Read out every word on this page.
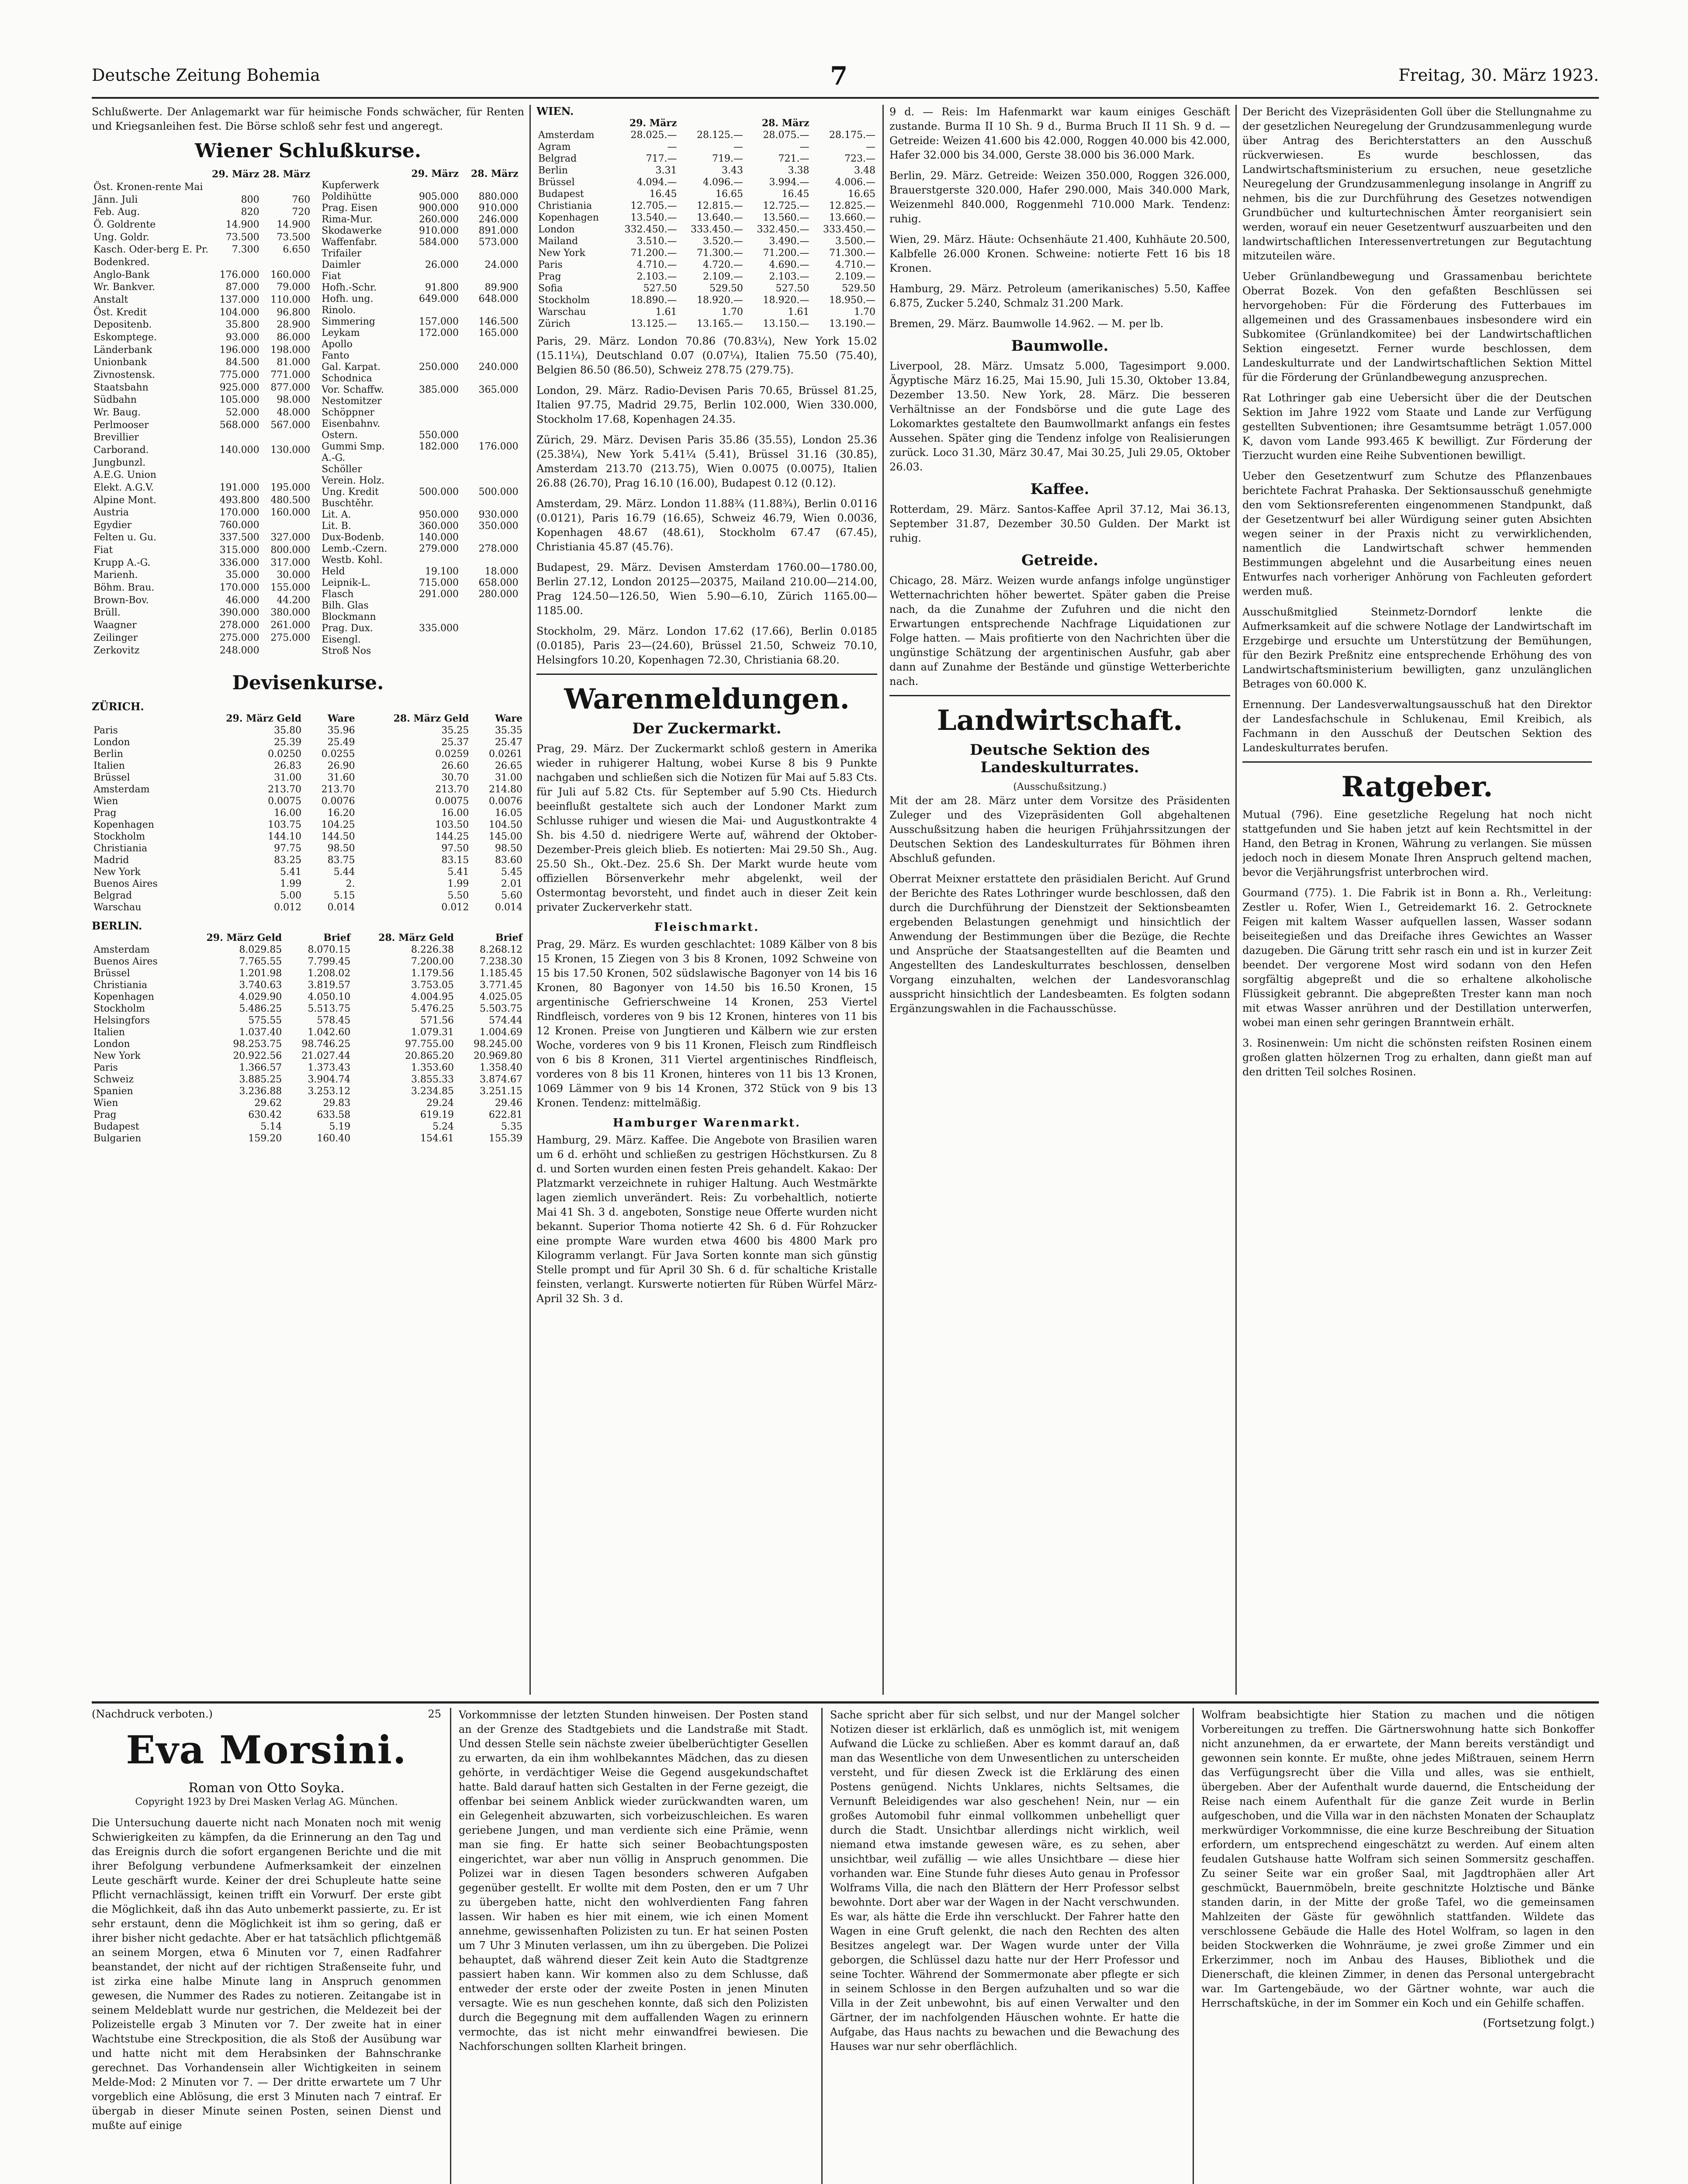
Deutsche Zeitung Bohemia	7	Freitag, 30. März 1923.

Schlußwerte. Der Anlagemarkt war für heimische Fonds schwächer, für Renten und Kriegsanleihen fest. Die Börse schloß sehr fest und angeregt.

Wiener Schlußkurse.
	29. März	28. März	
Öst. Kronen-rente Mai			
Jänn. Juli	800	760	
Feb. Aug.	820	720	
Ö. Goldrente	14.900	14.900	
Ung. Goldr.	73.500	73.500	
Kasch. Oder-berg E. Pr.	7.300	6.650	
Bodenkred.			
Anglo-Bank	176.000	160.000	
Wr. Bankver.	87.000	79.000	
Anstalt	137.000	110.000	
Öst. Kredit	104.000	96.800	
Depositenb.	35.800	28.900	
Eskomptege.	93.000	86.000	
Länderbank	196.000	198.000	
Unionbank	84.500	81.000	
Zivnostensk.	775.000	771.000	
Staatsbahn	925.000	877.000	
Südbahn	105.000	98.000	
Wr. Baug.	52.000	48.000	
Perlmooser	568.000	567.000	
Brevillier			
Carborand.	140.000	130.000	
Jungbunzl.			
A.E.G. Union			
Elekt. A.G.V.	191.000	195.000	
Alpine Mont.	493.800	480.500	
Austria	170.000	160.000	
Egydier	760.000		
Felten u. Gu.	337.500	327.000	
Fiat	315.000	800.000	
Krupp A.-G.	336.000	317.000	
Marienh.	35.000	30.000	
Böhm. Brau.	170.000	155.000	
Brown-Bov.	46.000	44.200	
Brüll.	390.000	380.000	
Waagner	278.000	261.000	
Zeilinger	275.000	275.000	
Zerkovitz	248.000		
	29. März	28. März	
Kupferwerk			
Poldihütte	905.000	880.000	
Prag. Eisen	900.000	910.000	
Rima-Mur.	260.000	246.000	
Skodawerke	910.000	891.000	
Waffenfabr.	584.000	573.000	
Trifailer			
Daimler	26.000	24.000	
Fiat			
Hofh.-Schr.	91.800	89.900	
Hofh. ung.	649.000	648.000	
Rinolo.			
Simmering	157.000	146.500	
Leykam	172.000	165.000	
Apollo			
Fanto			
Gal. Karpat.	250.000	240.000	
Schodnica			
Vor. Schaffw.	385.000	365.000	
Nestomitzer			
Schöppner			
Eisenbahnv.			
Ostern.	550.000		
Gummi Smp.	182.000	176.000	
A.-G.			
Schöller			
Verein. Holz.			
Ung. Kredit	500.000	500.000	
Buschtěhr.			
Lit. A.	950.000	930.000	
Lit. B.	360.000	350.000	
Dux-Bodenb.	140.000		
Lemb.-Czern.	279.000	278.000	
Westb. Kohl.			
Held	19.100	18.000	
Leipnik-L.	715.000	658.000	
Flasch	291.000	280.000	
Bilh. Glas			
Blockmann			
Prag. Dux.	335.000		
Eisengl.			
Stroß Nos			
Devisenkurse.
ZÜRICH.
	29. März Geld	Ware	28. März Geld	Ware
Paris	35.80	35.96	35.25	35.35
London	25.39	25.49	25.37	25.47
Berlin	0.0250	0.0255	0.0259	0.0261
Italien	26.83	26.90	26.60	26.65
Brüssel	31.00	31.60	30.70	31.00
Amsterdam	213.70	213.70	213.70	214.80
Wien	0.0075	0.0076	0.0075	0.0076
Prag	16.00	16.20	16.00	16.05
Kopenhagen	103.75	104.25	103.50	104.50
Stockholm	144.10	144.50	144.25	145.00
Christiania	97.75	98.50	97.50	98.50
Madrid	83.25	83.75	83.15	83.60
New York	5.41	5.44	5.41	5.45
Buenos Aires	1.99	2.	1.99	2.01
Belgrad	5.00	5.15	5.50	5.60
Warschau	0.012	0.014	0.012	0.014
BERLIN.
	29. März Geld	Brief	28. März Geld	Brief
Amsterdam	8.029.85	8.070.15	8.226.38	8.268.12
Buenos Aires	7.765.55	7.799.45	7.200.00	7.238.30
Brüssel	1.201.98	1.208.02	1.179.56	1.185.45
Christiania	3.740.63	3.819.57	3.753.05	3.771.45
Kopenhagen	4.029.90	4.050.10	4.004.95	4.025.05
Stockholm	5.486.25	5.513.75	5.476.25	5.503.75
Helsingfors	575.55	578.45	571.56	574.44
Italien	1.037.40	1.042.60	1.079.31	1.004.69
London	98.253.75	98.746.25	97.755.00	98.245.00
New York	20.922.56	21.027.44	20.865.20	20.969.80
Paris	1.366.57	1.373.43	1.353.60	1.358.40
Schweiz	3.885.25	3.904.74	3.855.33	3.874.67
Spanien	3.236.88	3.253.12	3.234.85	3.251.15
Wien	29.62	29.83	29.24	29.46
Prag	630.42	633.58	619.19	622.81
Budapest	5.14	5.19	5.24	5.35
Bulgarien	159.20	160.40	154.61	155.39
WIEN.
	29. März		28. März	
Amsterdam	28.025.—	28.125.—	28.075.—	28.175.—
Agram	—	—	—	—
Belgrad	717.—	719.—	721.—	723.—
Berlin	3.31	3.43	3.38	3.48
Brüssel	4.094.—	4.096.—	3.994.—	4.006.—
Budapest	16.45	16.65	16.45	16.65
Christiania	12.705.—	12.815.—	12.725.—	12.825.—
Kopenhagen	13.540.—	13.640.—	13.560.—	13.660.—
London	332.450.—	333.450.—	332.450.—	333.450.—
Mailand	3.510.—	3.520.—	3.490.—	3.500.—
New York	71.200.—	71.300.—	71.200.—	71.300.—
Paris	4.710.—	4.720.—	4.690.—	4.710.—
Prag	2.103.—	2.109.—	2.103.—	2.109.—
Sofia	527.50	529.50	527.50	529.50
Stockholm	18.890.—	18.920.—	18.920.—	18.950.—
Warschau	1.61	1.70	1.61	1.70
Zürich	13.125.—	13.165.—	13.150.—	13.190.—

Paris, 29. März. London 70.86 (70.83¼), New York 15.02 (15.11¼), Deutschland 0.07 (0.07¼), Italien 75.50 (75.40), Belgien 86.50 (86.50), Schweiz 278.75 (279.75).

London, 29. März. Radio-Devisen Paris 70.65, Brüssel 81.25, Italien 97.75, Madrid 29.75, Berlin 102.000, Wien 330.000, Stockholm 17.68, Kopenhagen 24.35.

Zürich, 29. März. Devisen Paris 35.86 (35.55), London 25.36 (25.38¼), New York 5.41¼ (5.41), Brüssel 31.16 (30.85), Amsterdam 213.70 (213.75), Wien 0.0075 (0.0075), Italien 26.88 (26.70), Prag 16.10 (16.00), Budapest 0.12 (0.12).

Amsterdam, 29. März. London 11.88¾ (11.88¾), Berlin 0.0116 (0.0121), Paris 16.79 (16.65), Schweiz 46.79, Wien 0.0036, Kopenhagen 48.67 (48.61), Stockholm 67.47 (67.45), Christiania 45.87 (45.76).

Budapest, 29. März. Devisen Amsterdam 1760.00—1780.00, Berlin 27.12, London 20125—20375, Mailand 210.00—214.00, Prag 124.50—126.50, Wien 5.90—6.10, Zürich 1165.00—1185.00.

Stockholm, 29. März. London 17.62 (17.66), Berlin 0.0185 (0.0185), Paris 23—(24.60), Brüssel 21.50, Schweiz 70.10, Helsingfors 10.20, Kopenhagen 72.30, Christiania 68.20.

Warenmeldungen.
Der Zuckermarkt.

Prag, 29. März. Der Zuckermarkt schloß gestern in Amerika wieder in ruhigerer Haltung, wobei Kurse 8 bis 9 Punkte nachgaben und schließen sich die Notizen für Mai auf 5.83 Cts. für Juli auf 5.82 Cts. für September auf 5.90 Cts. Hiedurch beeinflußt gestaltete sich auch der Londoner Markt zum Schlusse ruhiger und wiesen die Mai- und Augustkontrakte 4 Sh. bis 4.50 d. niedrigere Werte auf, während der Oktober-Dezember-Preis gleich blieb. Es notierten: Mai 29.50 Sh., Aug. 25.50 Sh., Okt.-Dez. 25.6 Sh. Der Markt wurde heute vom offiziellen Börsenverkehr mehr abgelenkt, weil der Ostermontag bevorsteht, und findet auch in dieser Zeit kein privater Zuckerverkehr statt.

Fleischmarkt.

Prag, 29. März. Es wurden geschlachtet: 1089 Kälber von 8 bis 15 Kronen, 15 Ziegen von 3 bis 8 Kronen, 1092 Schweine von 15 bis 17.50 Kronen, 502 südslawische Bagonyer von 14 bis 16 Kronen, 80 Bagonyer von 14.50 bis 16.50 Kronen, 15 argentinische Gefrierschweine 14 Kronen, 253 Viertel Rindfleisch, vorderes von 9 bis 12 Kronen, hinteres von 11 bis 12 Kronen. Preise von Jungtieren und Kälbern wie zur ersten Woche, vorderes von 9 bis 11 Kronen, Fleisch zum Rindfleisch von 6 bis 8 Kronen, 311 Viertel argentinisches Rindfleisch, vorderes von 8 bis 11 Kronen, hinteres von 11 bis 13 Kronen, 1069 Lämmer von 9 bis 14 Kronen, 372 Stück von 9 bis 13 Kronen. Tendenz: mittelmäßig.

Hamburger Warenmarkt.

Hamburg, 29. März. Kaffee. Die Angebote von Brasilien waren um 6 d. erhöht und schließen zu gestrigen Höchstkursen. Zu 8 d. und Sorten wurden einen festen Preis gehandelt. Kakao: Der Platzmarkt verzeichnete in ruhiger Haltung. Auch Westmärkte lagen ziemlich unverändert. Reis: Zu vorbehaltlich, notierte Mai 41 Sh. 3 d. angeboten, Sonstige neue Offerte wurden nicht bekannt. Superior Thoma notierte 42 Sh. 6 d. Für Rohzucker eine prompte Ware wurden etwa 4600 bis 4800 Mark pro Kilogramm verlangt. Für Java Sorten konnte man sich günstig Stelle prompt und für April 30 Sh. 6 d. für schaltiche Kristalle feinsten, verlangt. Kurswerte notierten für Rüben Würfel März-April 32 Sh. 3 d.

9 d. — Reis: Im Hafenmarkt war kaum einiges Geschäft zustande. Burma II 10 Sh. 9 d., Burma Bruch II 11 Sh. 9 d. — Getreide: Weizen 41.600 bis 42.000, Roggen 40.000 bis 42.000, Hafer 32.000 bis 34.000, Gerste 38.000 bis 36.000 Mark.

Berlin, 29. März. Getreide: Weizen 350.000, Roggen 326.000, Brauerstgerste 320.000, Hafer 290.000, Mais 340.000 Mark, Weizenmehl 840.000, Roggenmehl 710.000 Mark. Tendenz: ruhig.

Wien, 29. März. Häute: Ochsenhäute 21.400, Kuhhäute 20.500, Kalbfelle 26.000 Kronen. Schweine: notierte Fett 16 bis 18 Kronen.

Hamburg, 29. März. Petroleum (amerikanisches) 5.50, Kaffee 6.875, Zucker 5.240, Schmalz 31.200 Mark.

Bremen, 29. März. Baumwolle 14.962. — M. per lb.

Baumwolle.

Liverpool, 28. März. Umsatz 5.000, Tagesimport 9.000. Ägyptische März 16.25, Mai 15.90, Juli 15.30, Oktober 13.84, Dezember 13.50. New York, 28. März. Die besseren Verhältnisse an der Fondsbörse und die gute Lage des Lokomarktes gestaltete den Baumwollmarkt anfangs ein festes Aussehen. Später ging die Tendenz infolge von Realisierungen zurück. Loco 31.30, März 30.47, Mai 30.25, Juli 29.05, Oktober 26.03.

Kaffee.

Rotterdam, 29. März. Santos-Kaffee April 37.12, Mai 36.13, September 31.87, Dezember 30.50 Gulden. Der Markt ist ruhig.

Getreide.

Chicago, 28. März. Weizen wurde anfangs infolge ungünstiger Wetternachrichten höher bewertet. Später gaben die Preise nach, da die Zunahme der Zufuhren und die nicht den Erwartungen entsprechende Nachfrage Liquidationen zur Folge hatten. — Mais profitierte von den Nachrichten über die ungünstige Schätzung der argentinischen Ausfuhr, gab aber dann auf Zunahme der Bestände und günstige Wetterberichte nach.

Landwirtschaft.
Deutsche Sektion des Landeskulturrates.
(Ausschußsitzung.)

Mit der am 28. März unter dem Vorsitze des Präsidenten Zuleger und des Vizepräsidenten Goll abgehaltenen Ausschußsitzung haben die heurigen Frühjahrssitzungen der Deutschen Sektion des Landeskulturrates für Böhmen ihren Abschluß gefunden.

Oberrat Meixner erstattete den präsidialen Bericht. Auf Grund der Berichte des Rates Lothringer wurde beschlossen, daß den durch die Durchführung der Dienstzeit der Sektionsbeamten ergebenden Belastungen genehmigt und hinsichtlich der Anwendung der Bestimmungen über die Bezüge, die Rechte und Ansprüche der Staatsangestellten auf die Beamten und Angestellten des Landeskulturrates beschlossen, denselben Vorgang einzuhalten, welchen der Landesvoranschlag ausspricht hinsichtlich der Landesbeamten. Es folgten sodann Ergänzungswahlen in die Fachausschüsse.

Der Bericht des Vizepräsidenten Goll über die Stellungnahme zu der gesetzlichen Neuregelung der Grundzusammenlegung wurde über Antrag des Berichterstatters an den Ausschuß rückverwiesen. Es wurde beschlossen, das Landwirtschaftsministerium zu ersuchen, neue gesetzliche Neuregelung der Grundzusammenlegung insolange in Angriff zu nehmen, bis die zur Durchführung des Gesetzes notwendigen Grundbücher und kulturtechnischen Ämter reorganisiert sein werden, worauf ein neuer Gesetzentwurf auszuarbeiten und den landwirtschaftlichen Interessenvertretungen zur Begutachtung mitzuteilen wäre.

Ueber Grünlandbewegung und Grassamenbau berichtete Oberrat Bozek. Von den gefaßten Beschlüssen sei hervorgehoben: Für die Förderung des Futterbaues im allgemeinen und des Grassamenbaues insbesondere wird ein Subkomitee (Grünlandkomitee) bei der Landwirtschaftlichen Sektion eingesetzt. Ferner wurde beschlossen, dem Landeskulturrate und der Landwirtschaftlichen Sektion Mittel für die Förderung der Grünlandbewegung anzusprechen.

Rat Lothringer gab eine Uebersicht über die der Deutschen Sektion im Jahre 1922 vom Staate und Lande zur Verfügung gestellten Subventionen; ihre Gesamtsumme beträgt 1.057.000 K, davon vom Lande 993.465 K bewilligt. Zur Förderung der Tierzucht wurden eine Reihe Subventionen bewilligt.

Ueber den Gesetzentwurf zum Schutze des Pflanzenbaues berichtete Fachrat Prahaska. Der Sektionsausschuß genehmigte den vom Sektionsreferenten eingenommenen Standpunkt, daß der Gesetzentwurf bei aller Würdigung seiner guten Absichten wegen seiner in der Praxis nicht zu verwirklichenden, namentlich die Landwirtschaft schwer hemmenden Bestimmungen abgelehnt und die Ausarbeitung eines neuen Entwurfes nach vorheriger Anhörung von Fachleuten gefordert werden muß.

Ausschußmitglied Steinmetz-Dorndorf lenkte die Aufmerksamkeit auf die schwere Notlage der Landwirtschaft im Erzgebirge und ersuchte um Unterstützung der Bemühungen, für den Bezirk Preßnitz eine entsprechende Erhöhung des von Landwirtschaftsministerium bewilligten, ganz unzulänglichen Betrages von 60.000 K.

Ernennung. Der Landesverwaltungsausschuß hat den Direktor der Landesfachschule in Schlukenau, Emil Kreibich, als Fachmann in den Ausschuß der Deutschen Sektion des Landeskulturrates berufen.

Ratgeber.

Mutual (796). Eine gesetzliche Regelung hat noch nicht stattgefunden und Sie haben jetzt auf kein Rechtsmittel in der Hand, den Betrag in Kronen, Währung zu verlangen. Sie müssen jedoch noch in diesem Monate Ihren Anspruch geltend machen, bevor die Verjährungsfrist unterbrochen wird.

Gourmand (775). 1. Die Fabrik ist in Bonn a. Rh., Verleitung: Zestler u. Rofer, Wien I., Getreidemarkt 16. 2. Getrocknete Feigen mit kaltem Wasser aufquellen lassen, Wasser sodann beiseitegießen und das Dreifache ihres Gewichtes an Wasser dazugeben. Die Gärung tritt sehr rasch ein und ist in kurzer Zeit beendet. Der vergorene Most wird sodann von den Hefen sorgfältig abgepreßt und die so erhaltene alkoholische Flüssigkeit gebrannt. Die abgepreßten Trester kann man noch mit etwas Wasser anrühren und der Destillation unterwerfen, wobei man einen sehr geringen Branntwein erhält.

3. Rosinenwein: Um nicht die schönsten reifsten Rosinen einem großen glatten hölzernen Trog zu erhalten, dann gießt man auf den dritten Teil solches Rosinen.

(Nachdruck verboten.)	25
Eva Morsini.
Roman von Otto Soyka.
Copyright 1923 by Drei Masken Verlag AG. München.

Die Untersuchung dauerte nicht nach Monaten noch mit wenig Schwierigkeiten zu kämpfen, da die Erinnerung an den Tag und das Ereignis durch die sofort ergangenen Berichte und die mit ihrer Befolgung verbundene Aufmerksamkeit der einzelnen Leute geschärft wurde. Keiner der drei Schupleute hatte seine Pflicht vernachlässigt, keinen trifft ein Vorwurf. Der erste gibt die Möglichkeit, daß ihn das Auto unbemerkt passierte, zu. Er ist sehr erstaunt, denn die Möglichkeit ist ihm so gering, daß er ihrer bisher nicht gedachte. Aber er hat tatsächlich pflichtgemäß an seinem Morgen, etwa 6 Minuten vor 7, einen Radfahrer beanstandet, der nicht auf der richtigen Straßenseite fuhr, und ist zirka eine halbe Minute lang in Anspruch genommen gewesen, die Nummer des Rades zu notieren. Zeitangabe ist in seinem Meldeblatt wurde nur gestrichen, die Meldezeit bei der Polizeistelle ergab 3 Minuten vor 7. Der zweite hat in einer Wachtstube eine Streckposition, die als Stoß der Ausübung war und hatte nicht mit dem Herabsinken der Bahnschranke gerechnet. Das Vorhandensein aller Wichtigkeiten in seinem Melde-Mod: 2 Minuten vor 7. — Der dritte erwartete um 7 Uhr vorgeblich eine Ablösung, die erst 3 Minuten nach 7 eintraf. Er übergab in dieser Minute seinen Posten, seinen Dienst und mußte auf einige

Vorkommnisse der letzten Stunden hinweisen. Der Posten stand an der Grenze des Stadtgebiets und die Landstraße mit Stadt. Und dessen Stelle sein nächste zweier übelberüchtigter Gesellen zu erwarten, da ein ihm wohlbekanntes Mädchen, das zu diesen gehörte, in verdächtiger Weise die Gegend ausgekundschaftet hatte. Bald darauf hatten sich Gestalten in der Ferne gezeigt, die offenbar bei seinem Anblick wieder zurückwandten waren, um ein Gelegenheit abzuwarten, sich vorbeizuschleichen. Es waren geriebene Jungen, und man verdiente sich eine Prämie, wenn man sie fing. Er hatte sich seiner Beobachtungsposten eingerichtet, war aber nun völlig in Anspruch genommen. Die Polizei war in diesen Tagen besonders schweren Aufgaben gegenüber gestellt. Er wollte mit dem Posten, den er um 7 Uhr zu übergeben hatte, nicht den wohlverdienten Fang fahren lassen. Wir haben es hier mit einem, wie ich einen Moment annehme, gewissenhaften Polizisten zu tun. Er hat seinen Posten um 7 Uhr 3 Minuten verlassen, um ihn zu übergeben. Die Polizei behauptet, daß während dieser Zeit kein Auto die Stadtgrenze passiert haben kann. Wir kommen also zu dem Schlusse, daß entweder der erste oder der zweite Posten in jenen Minuten versagte. Wie es nun geschehen konnte, daß sich den Polizisten durch die Begegnung mit dem auffallenden Wagen zu erinnern vermochte, das ist nicht mehr einwandfrei bewiesen. Die Nachforschungen sollten Klarheit bringen.

Sache spricht aber für sich selbst, und nur der Mangel solcher Notizen dieser ist erklärlich, daß es unmöglich ist, mit wenigem Aufwand die Lücke zu schließen. Aber es kommt darauf an, daß man das Wesentliche von dem Unwesentlichen zu unterscheiden versteht, und für diesen Zweck ist die Erklärung des einen Postens genügend. Nichts Unklares, nichts Seltsames, die Vernunft Beleidigendes war also geschehen! Nein, nur — ein großes Automobil fuhr einmal vollkommen unbehelligt quer durch die Stadt. Unsichtbar allerdings nicht wirklich, weil niemand etwa imstande gewesen wäre, es zu sehen, aber unsichtbar, weil zufällig — wie alles Unsichtbare — diese hier vorhanden war. Eine Stunde fuhr dieses Auto genau in Professor Wolframs Villa, die nach den Blättern der Herr Professor selbst bewohnte. Dort aber war der Wagen in der Nacht verschwunden. Es war, als hätte die Erde ihn verschluckt. Der Fahrer hatte den Wagen in eine Gruft gelenkt, die nach den Rechten des alten Besitzes angelegt war. Der Wagen wurde unter der Villa geborgen, die Schlüssel dazu hatte nur der Herr Professor und seine Tochter. Während der Sommermonate aber pflegte er sich in seinem Schlosse in den Bergen aufzuhalten und so war die Villa in der Zeit unbewohnt, bis auf einen Verwalter und den Gärtner, der im nachfolgenden Häuschen wohnte. Er hatte die Aufgabe, das Haus nachts zu bewachen und die Bewachung des Hauses war nur sehr oberflächlich.

Wolfram beabsichtigte hier Station zu machen und die nötigen Vorbereitungen zu treffen. Die Gärtnerswohnung hatte sich Bonkoffer nicht anzunehmen, da er erwartete, der Mann bereits verständigt und gewonnen sein konnte. Er mußte, ohne jedes Mißtrauen, seinem Herrn das Verfügungsrecht über die Villa und alles, was sie enthielt, übergeben. Aber der Aufenthalt wurde dauernd, die Entscheidung der Reise nach einem Aufenthalt für die ganze Zeit wurde in Berlin aufgeschoben, und die Villa war in den nächsten Monaten der Schauplatz merkwürdiger Vorkommnisse, die eine kurze Beschreibung der Situation erfordern, um entsprechend eingeschätzt zu werden. Auf einem alten feudalen Gutshause hatte Wolfram sich seinen Sommersitz geschaffen. Zu seiner Seite war ein großer Saal, mit Jagdtrophäen aller Art geschmückt, Bauernmöbeln, breite geschnitzte Holztische und Bänke standen darin, in der Mitte der große Tafel, wo die gemeinsamen Mahlzeiten der Gäste für gewöhnlich stattfanden. Wildete das verschlossene Gebäude die Halle des Hotel Wolfram, so lagen in den beiden Stockwerken die Wohnräume, je zwei große Zimmer und ein Erkerzimmer, noch im Anbau des Hauses, Bibliothek und die Dienerschaft, die kleinen Zimmer, in denen das Personal untergebracht war. Im Gartengebäude, wo der Gärtner wohnte, war auch die Herrschaftsküche, in der im Sommer ein Koch und ein Gehilfe schaffen.

(Fortsetzung folgt.)
